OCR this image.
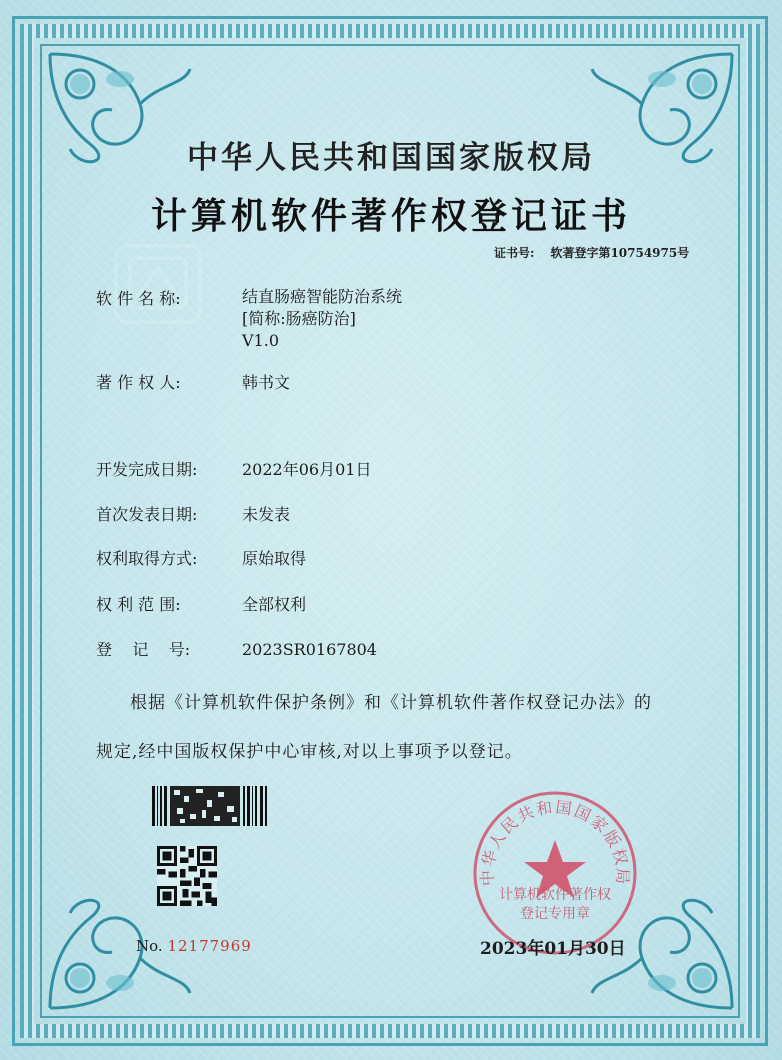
中华人民共和国国家版权局
计算机软件著作权登记证书
证书号: 软著登字第10754975号
软 件 名 称:	结直肠癌智能防治系统
[简称:肠癌防治]
V1.0
著 作 权 人:	韩书文
开发完成日期:	2022年06月01日
首次发表日期:	未发表
权利取得方式:	原始取得
权 利 范 围:	全部权利
登    记    号:	2023SR0167804
根据《计算机软件保护条例》和《计算机软件著作权登记办法》的
规定,经中国版权保护中心审核,对以上事项予以登记。
No. 12177969
中华人民共和国国家版权局
计算机软件著作权
登记专用章
2023年01月30日
